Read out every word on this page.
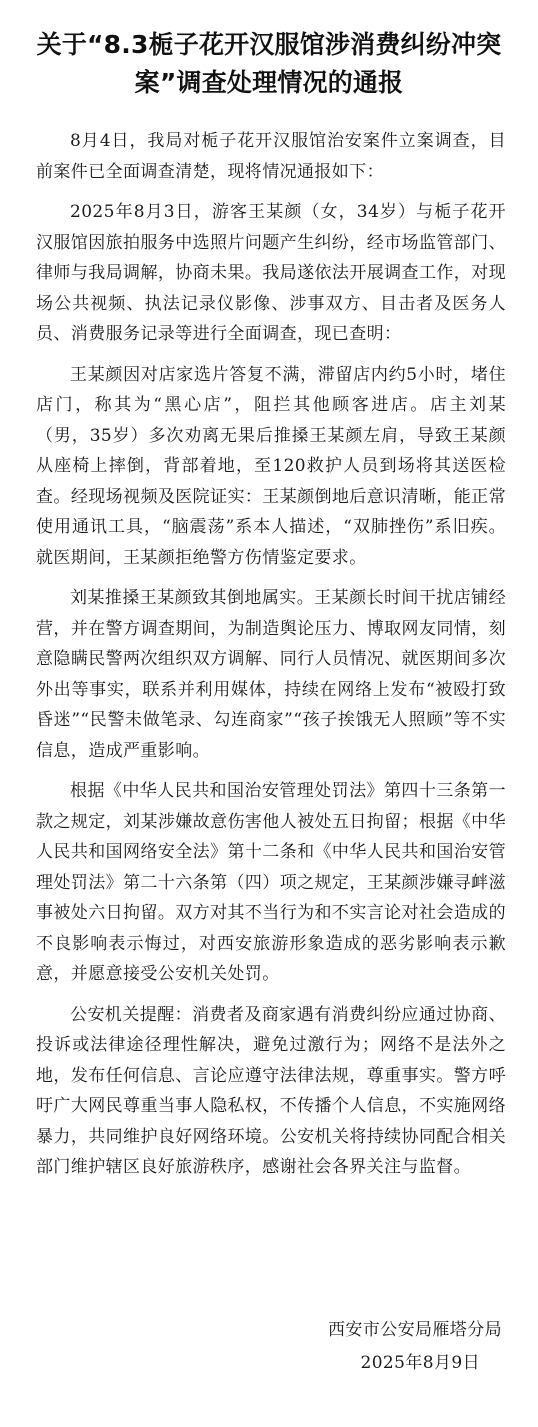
关于“8.3栀子花开汉服馆涉消费纠纷冲突案”调查处理情况的通报

8月4日，我局对栀子花开汉服馆治安案件立案调查，目前案件已全面调查清楚，现将情况通报如下：

2025年8月3日，游客王某颜（女，34岁）与栀子花开汉服馆因旅拍服务中选照片问题产生纠纷，经市场监管部门、律师与我局调解，协商未果。我局遂依法开展调查工作，对现场公共视频、执法记录仪影像、涉事双方、目击者及医务人员、消费服务记录等进行全面调查，现已查明：

王某颜因对店家选片答复不满，滞留店内约5小时，堵住店门，称其为“黑心店”，阻拦其他顾客进店。店主刘某（男，35岁）多次劝离无果后推搡王某颜左肩，导致王某颜从座椅上摔倒，背部着地，至120救护人员到场将其送医检查。经现场视频及医院证实：王某颜倒地后意识清晰，能正常使用通讯工具，“脑震荡”系本人描述，“双肺挫伤”系旧疾。就医期间，王某颜拒绝警方伤情鉴定要求。

刘某推搡王某颜致其倒地属实。王某颜长时间干扰店铺经营，并在警方调查期间，为制造舆论压力、博取网友同情，刻意隐瞒民警两次组织双方调解、同行人员情况、就医期间多次外出等事实，联系并利用媒体，持续在网络上发布“被殴打致昏迷”“民警未做笔录、勾连商家”“孩子挨饿无人照顾”等不实信息，造成严重影响。

根据《中华人民共和国治安管理处罚法》第四十三条第一款之规定，刘某涉嫌故意伤害他人被处五日拘留；根据《中华人民共和国网络安全法》第十二条和《中华人民共和国治安管理处罚法》第二十六条第（四）项之规定，王某颜涉嫌寻衅滋事被处六日拘留。双方对其不当行为和不实言论对社会造成的不良影响表示悔过，对西安旅游形象造成的恶劣影响表示歉意，并愿意接受公安机关处罚。

公安机关提醒：消费者及商家遇有消费纠纷应通过协商、投诉或法律途径理性解决，避免过激行为；网络不是法外之地，发布任何信息、言论应遵守法律法规，尊重事实。警方呼吁广大网民尊重当事人隐私权，不传播个人信息，不实施网络暴力，共同维护良好网络环境。公安机关将持续协同配合相关部门维护辖区良好旅游秩序，感谢社会各界关注与监督。

西安市公安局雁塔分局
2025年8月9日
